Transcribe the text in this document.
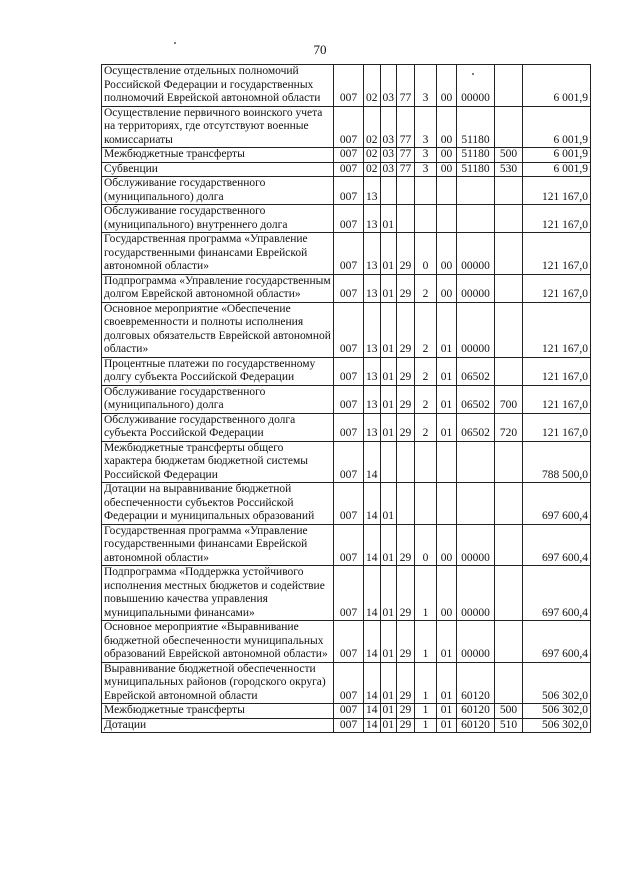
70
Осуществление отдельных полномочий Российской Федерации и государственных полномочий Еврейской автономной области	007	02	03	77	3	00	00000		6 001,9
Осуществление первичного воинского учета на территориях, где отсутствуют военные комиссариаты	007	02	03	77	3	00	51180		6 001,9
Межбюджетные трансферты	007	02	03	77	3	00	51180	500	6 001,9
Субвенции	007	02	03	77	3	00	51180	530	6 001,9
Обслуживание государственного (муниципального) долга	007	13							121 167,0
Обслуживание государственного (муниципального) внутреннего долга	007	13	01						121 167,0
Государственная программа «Управление государственными финансами Еврейской автономной области»	007	13	01	29	0	00	00000		121 167,0
Подпрограмма «Управление государственным долгом Еврейской автономной области»	007	13	01	29	2	00	00000		121 167,0
Основное мероприятие «Обеспечение своевременности и полноты исполнения долговых обязательств Еврейской автономной области»	007	13	01	29	2	01	00000		121 167,0
Процентные платежи по государственному долгу субъекта Российской Федерации	007	13	01	29	2	01	06502		121 167,0
Обслуживание государственного (муниципального) долга	007	13	01	29	2	01	06502	700	121 167,0
Обслуживание государственного долга субъекта Российской Федерации	007	13	01	29	2	01	06502	720	121 167,0
Межбюджетные трансферты общего характера бюджетам бюджетной системы Российской Федерации	007	14							788 500,0
Дотации на выравнивание бюджетной обеспеченности субъектов Российской Федерации и муниципальных образований	007	14	01						697 600,4
Государственная программа «Управление государственными финансами Еврейской автономной области»	007	14	01	29	0	00	00000		697 600,4
Подпрограмма «Поддержка устойчивого исполнения местных бюджетов и содействие повышению качества управления муниципальными финансами»	007	14	01	29	1	00	00000		697 600,4
Основное мероприятие «Выравнивание бюджетной обеспеченности муниципальных образований Еврейской автономной области»	007	14	01	29	1	01	00000		697 600,4
Выравнивание бюджетной обеспеченности муниципальных районов (городского округа) Еврейской автономной области	007	14	01	29	1	01	60120		506 302,0
Межбюджетные трансферты	007	14	01	29	1	01	60120	500	506 302,0
Дотации	007	14	01	29	1	01	60120	510	506 302,0
